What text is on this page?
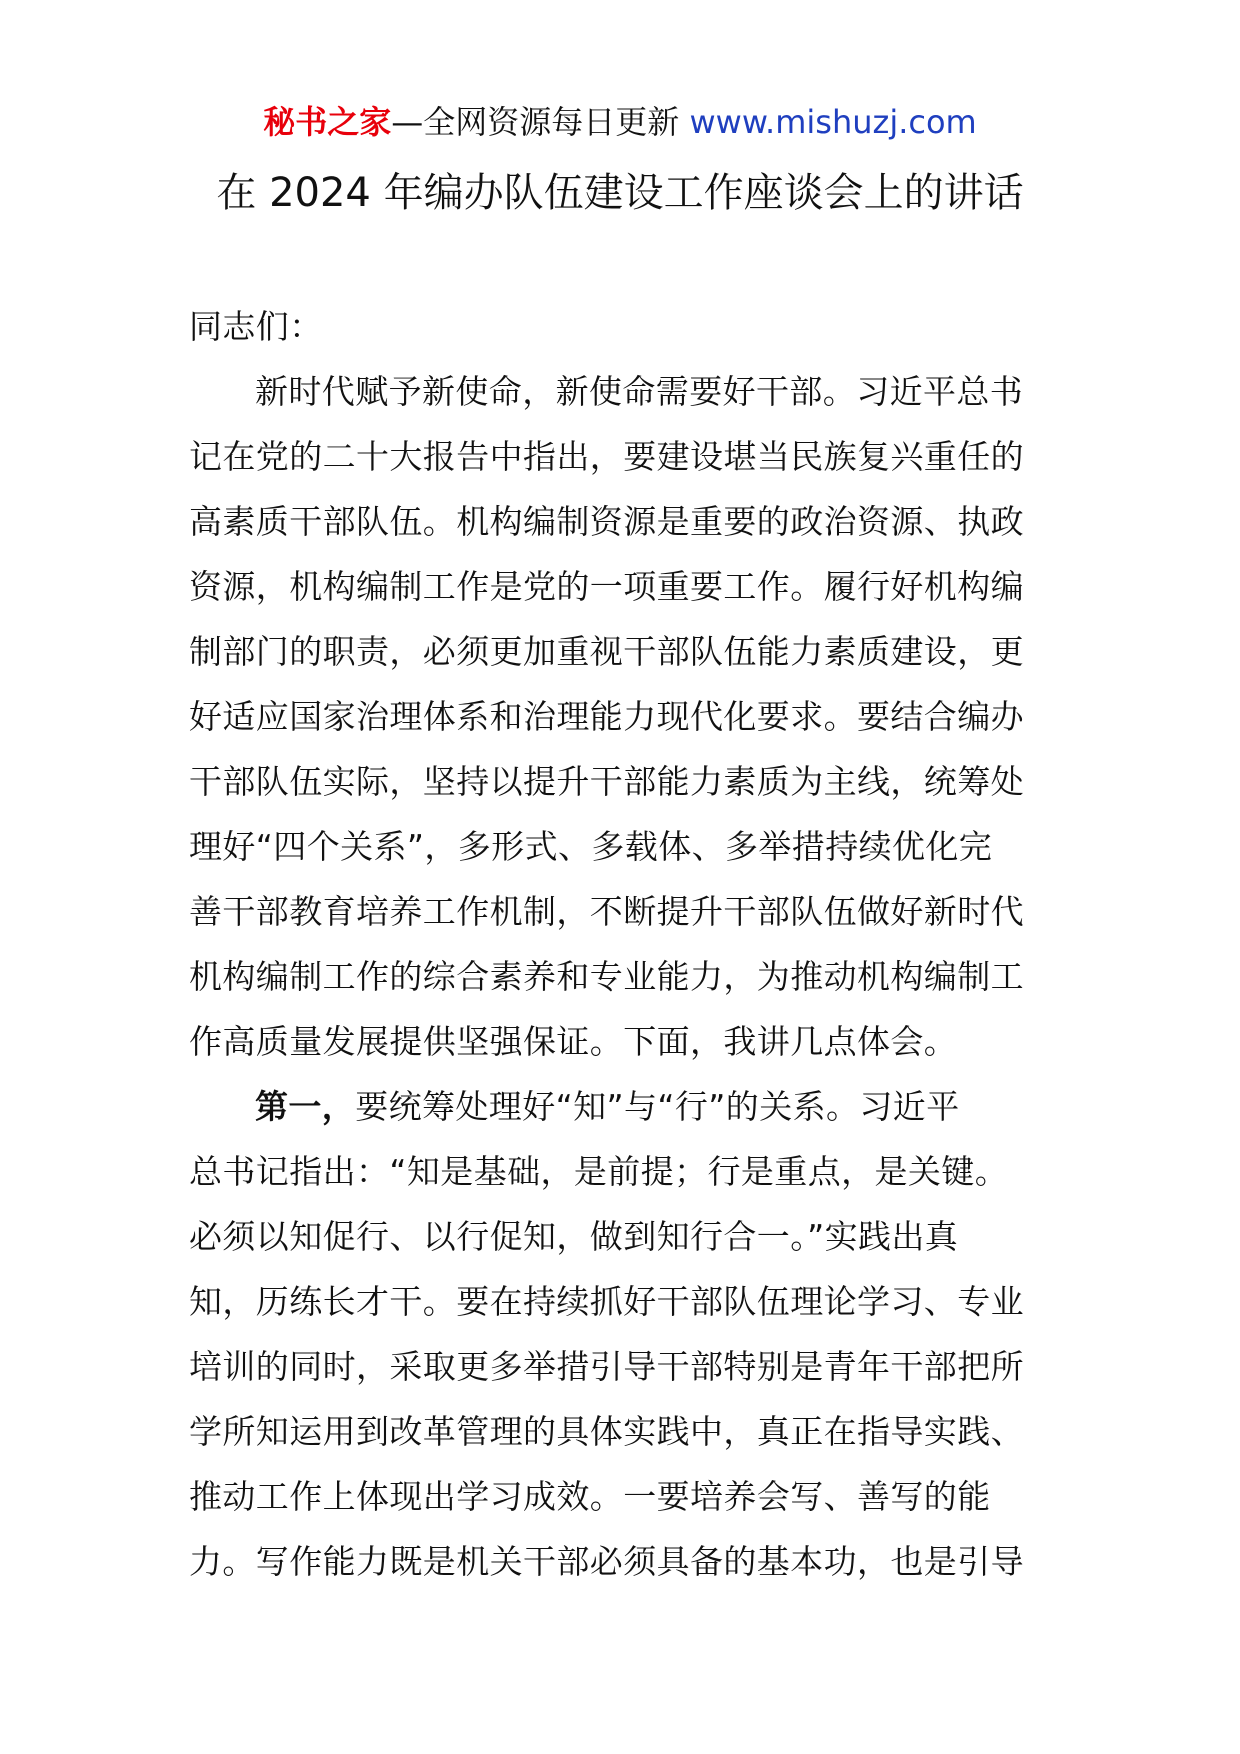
秘书之家—全网资源每日更新 www.mishuzj.com
在 2024 年编办队伍建设工作座谈会上的讲话
同志们：
新时代赋予新使命，新使命需要好干部。习近平总书
记在党的二十大报告中指出，要建设堪当民族复兴重任的
高素质干部队伍。机构编制资源是重要的政治资源、执政
资源，机构编制工作是党的一项重要工作。履行好机构编
制部门的职责，必须更加重视干部队伍能力素质建设，更
好适应国家治理体系和治理能力现代化要求。要结合编办
干部队伍实际，坚持以提升干部能力素质为主线，统筹处
理好“四个关系”，多形式、多载体、多举措持续优化完
善干部教育培养工作机制，不断提升干部队伍做好新时代
机构编制工作的综合素养和专业能力，为推动机构编制工
作高质量发展提供坚强保证。下面，我讲几点体会。
第一，要统筹处理好“知”与“行”的关系。习近平
总书记指出：“知是基础，是前提；行是重点，是关键。
必须以知促行、以行促知，做到知行合一。”实践出真
知，历练长才干。要在持续抓好干部队伍理论学习、专业
培训的同时，采取更多举措引导干部特别是青年干部把所
学所知运用到改革管理的具体实践中，真正在指导实践、
推动工作上体现出学习成效。一要培养会写、善写的能
力。写作能力既是机关干部必须具备的基本功，也是引导
